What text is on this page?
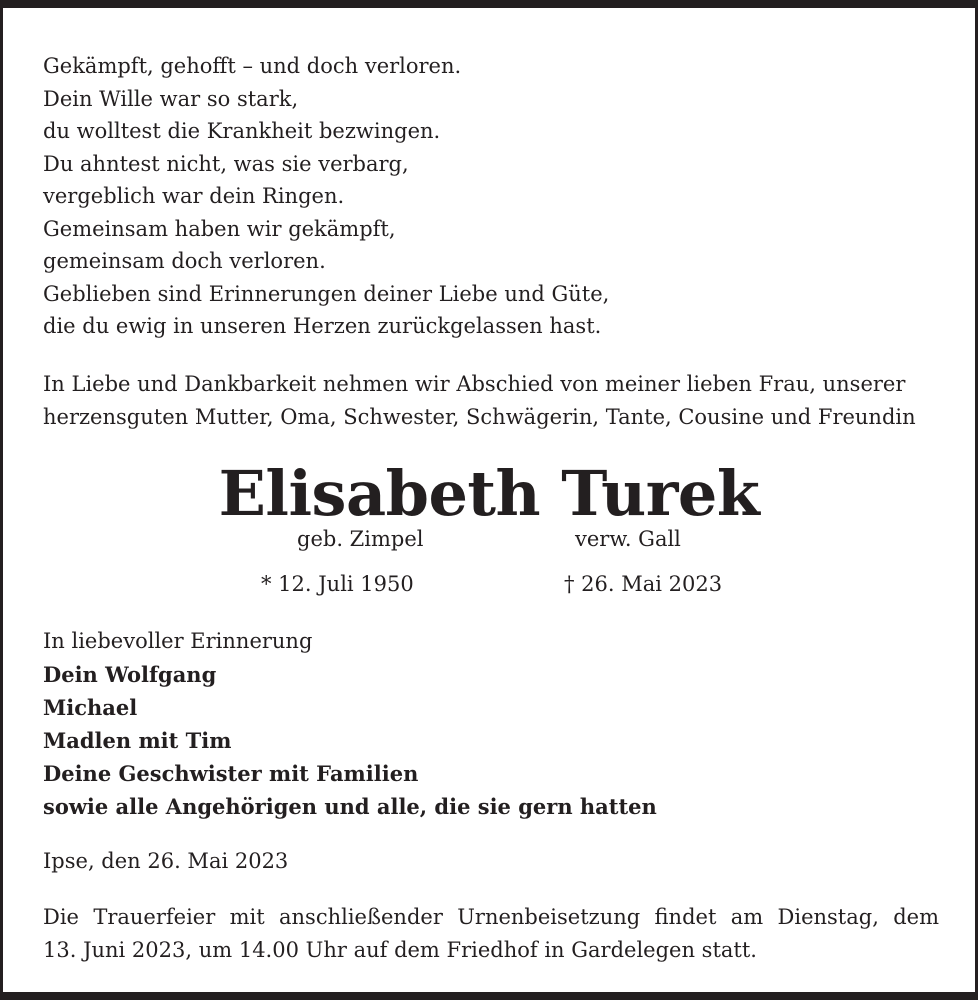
Gekämpft, gehofft – und doch verloren.
Dein Wille war so stark,
du wolltest die Krankheit bezwingen.
Du ahntest nicht, was sie verbarg,
vergeblich war dein Ringen.
Gemeinsam haben wir gekämpft,
gemeinsam doch verloren.
Geblieben sind Erinnerungen deiner Liebe und Güte,
die du ewig in unseren Herzen zurückgelassen hast.
In Liebe und Dankbarkeit nehmen wir Abschied von meiner lieben Frau, unserer
herzensguten Mutter, Oma, Schwester, Schwägerin, Tante, Cousine und Freundin
Elisabeth Turek
geb. Zimpel	verw. Gall
* 12. Juli 1950	† 26. Mai 2023
In liebevoller Erinnerung
Dein Wolfgang
Michael
Madlen mit Tim
Deine Geschwister mit Familien
sowie alle Angehörigen und alle, die sie gern hatten
Ipse, den 26. Mai 2023
Die Trauerfeier mit anschließender Urnenbeisetzung findet am Dienstag, dem
13. Juni 2023, um 14.00 Uhr auf dem Friedhof in Gardelegen statt.
